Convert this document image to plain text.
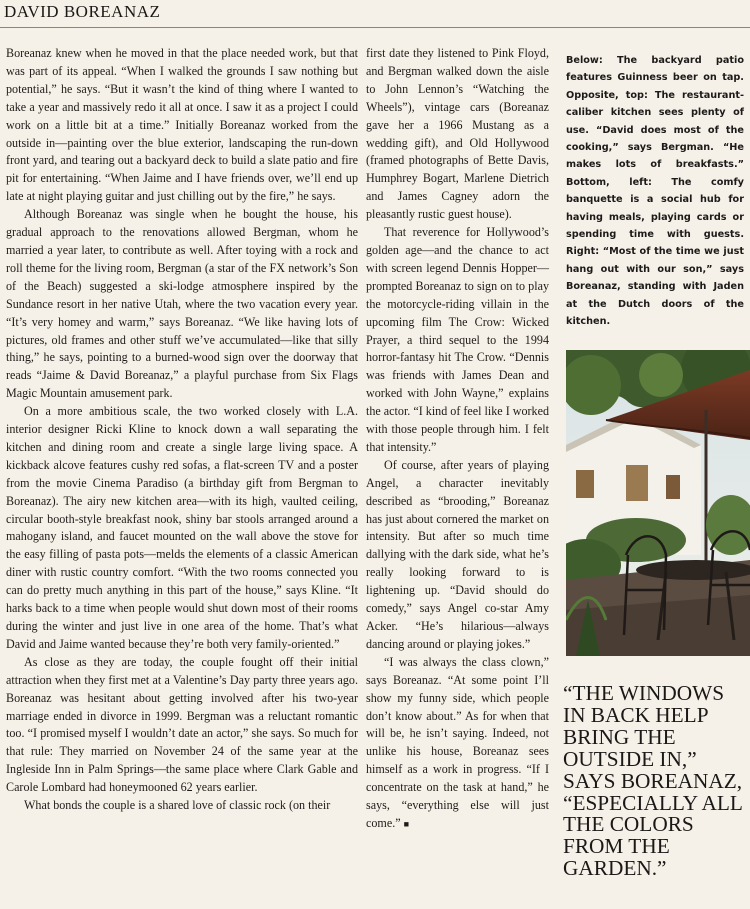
DAVID BOREANAZ

Boreanaz knew when he moved in that the place needed work, but that was part of its appeal. “When I walked the grounds I saw nothing but potential,” he says. “But it wasn’t the kind of thing where I wanted to take a year and massively redo it all at once. I saw it as a project I could work on a little bit at a time.” Initially Boreanaz worked from the outside in—painting over the blue exterior, landscaping the run-down front yard, and tearing out a backyard deck to build a slate patio and fire pit for entertaining. “When Jaime and I have friends over, we’ll end up late at night playing guitar and just chilling out by the fire,” he says.

Although Boreanaz was single when he bought the house, his gradual approach to the renovations allowed Bergman, whom he married a year later, to contribute as well. After toying with a rock and roll theme for the living room, Bergman (a star of the FX network’s Son of the Beach) suggested a ski-lodge atmosphere inspired by the Sundance resort in her native Utah, where the two vacation every year. “It’s very homey and warm,” says Boreanaz. “We like having lots of pictures, old frames and other stuff we’ve accumulated—like that silly thing,” he says, pointing to a burned-wood sign over the doorway that reads “Jaime & David Boreanaz,” a playful purchase from Six Flags Magic Mountain amusement park.

On a more ambitious scale, the two worked closely with L.A. interior designer Ricki Kline to knock down a wall separating the kitchen and dining room and create a single large living space. A kickback alcove features cushy red sofas, a flat-screen TV and a poster from the movie Cinema Paradiso (a birthday gift from Bergman to Boreanaz). The airy new kitchen area—with its high, vaulted ceiling, circular booth-style breakfast nook, shiny bar stools arranged around a mahogany island, and faucet mounted on the wall above the stove for the easy filling of pasta pots—melds the elements of a classic American diner with rustic country comfort. “With the two rooms connected you can do pretty much anything in this part of the house,” says Kline. “It harks back to a time when people would shut down most of their rooms during the winter and just live in one area of the home. That’s what David and Jaime wanted because they’re both very family-oriented.”

As close as they are today, the couple fought off their initial attraction when they first met at a Valentine’s Day party three years ago. Boreanaz was hesitant about getting involved after his two-year marriage ended in divorce in 1999. Bergman was a reluctant romantic too. “I promised myself I wouldn’t date an actor,” she says. So much for that rule: They married on November 24 of the same year at the Ingleside Inn in Palm Springs—the same place where Clark Gable and Carole Lombard had honeymooned 62 years earlier.

What bonds the couple is a shared love of classic rock (on their

first date they listened to Pink Floyd, and Bergman walked down the aisle to John Lennon’s “Watching the Wheels”), vintage cars (Boreanaz gave her a 1966 Mustang as a wedding gift), and Old Hollywood (framed photographs of Bette Davis, Humphrey Bogart, Marlene Dietrich and James Cagney adorn the pleasantly rustic guest house).

That reverence for Hollywood’s golden age—and the chance to act with screen legend Dennis Hopper—prompted Boreanaz to sign on to play the motorcycle-riding villain in the upcoming film The Crow: Wicked Prayer, a third sequel to the 1994 horror-fantasy hit The Crow. “Dennis was friends with James Dean and worked with John Wayne,” explains the actor. “I kind of feel like I worked with those people through him. I felt that intensity.”

Of course, after years of playing Angel, a character inevitably described as “brooding,” Boreanaz has just about cornered the market on intensity. But after so much time dallying with the dark side, what he’s really looking forward to is lightening up. “David should do comedy,” says Angel co-star Amy Acker. “He’s hilarious—always dancing around or playing jokes.”

“I was always the class clown,” says Boreanaz. “At some point I’ll show my funny side, which people don’t know about.” As for when that will be, he isn’t saying. Indeed, not unlike his house, Boreanaz sees himself as a work in progress. “If I concentrate on the task at hand,” he says, “everything else will just come.” ■

Below: The backyard patio features Guinness beer on tap. Opposite, top: The restaurant-caliber kitchen sees plenty of use. “David does most of the cooking,” says Bergman. “He makes lots of breakfasts.” Bottom, left: The comfy banquette is a social hub for having meals, playing cards or spending time with guests. Right: “Most of the time we just hang out with our son,” says Boreanaz, standing with Jaden at the Dutch doors of the kitchen.
“THE WINDOWS IN BACK HELP BRING THE OUTSIDE IN,” SAYS BOREANAZ, “ESPECIALLY ALL THE COLORS FROM THE GARDEN.”
